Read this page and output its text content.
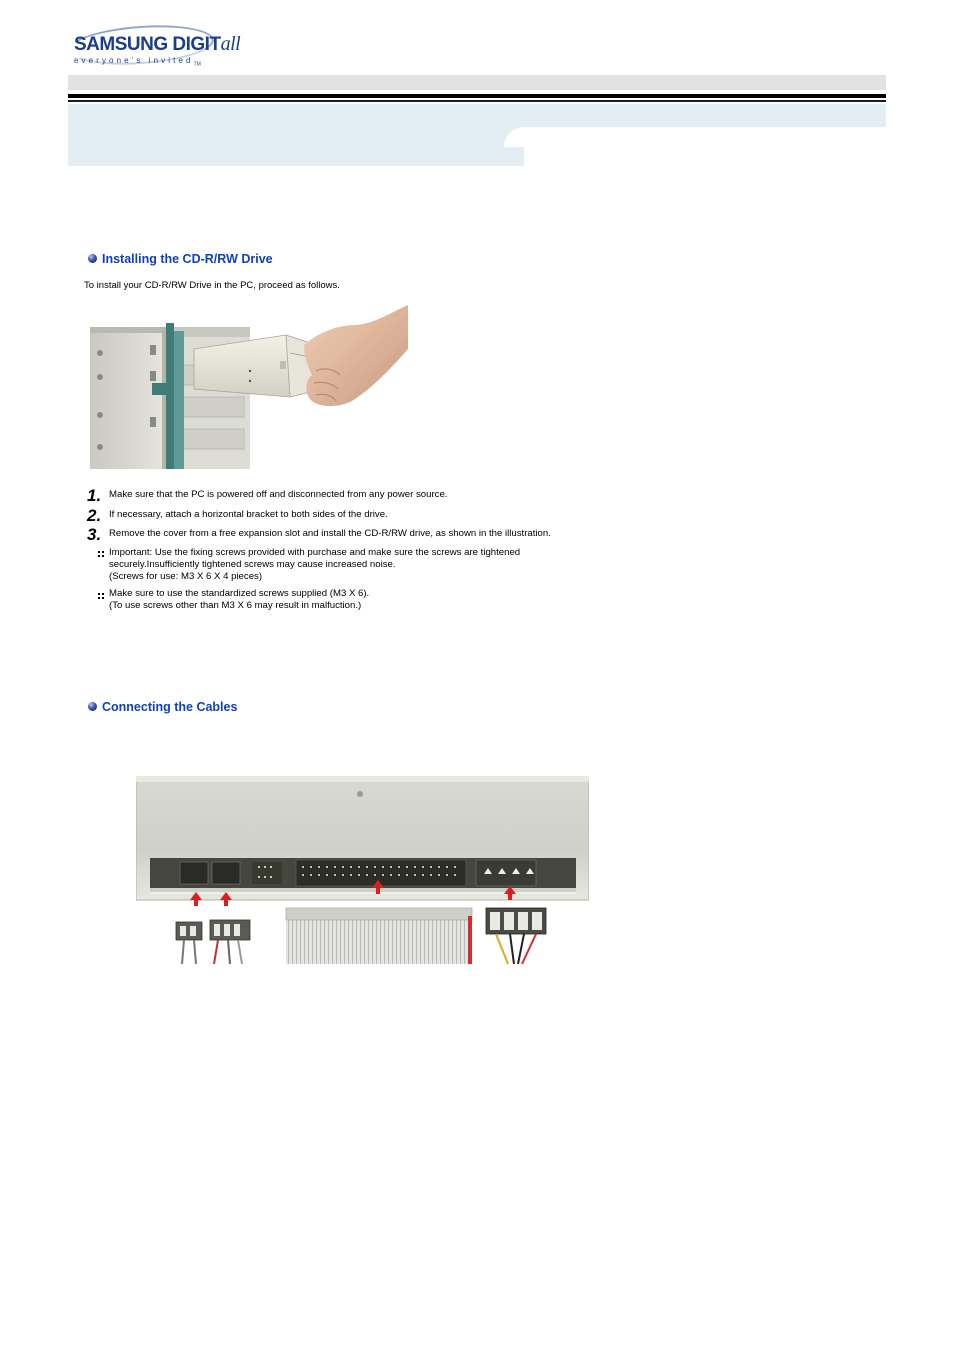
SAMSUNG DIGITall
everyone's invited$_{TM}$
Installing the CD-R/RW Drive
To install your CD-R/RW Drive in the PC, proceed as follows.
1. Make sure that the PC is powered off and disconnected from any power source.
2. If necessary, attach a horizontal bracket to both sides of the drive.
3. Remove the cover from a free expansion slot and install the CD-R/RW drive, as shown in the illustration.
Important: Use the fixing screws provided with purchase and make sure the screws are tightened
securely.Insufficiently tightened screws may cause increased noise.
(Screws for use: M3 X 6 X 4 pieces)
Make sure to use the standardized screws supplied (M3 X 6).
(To use screws other than M3 X 6 may result in malfuction.)
Connecting the Cables
